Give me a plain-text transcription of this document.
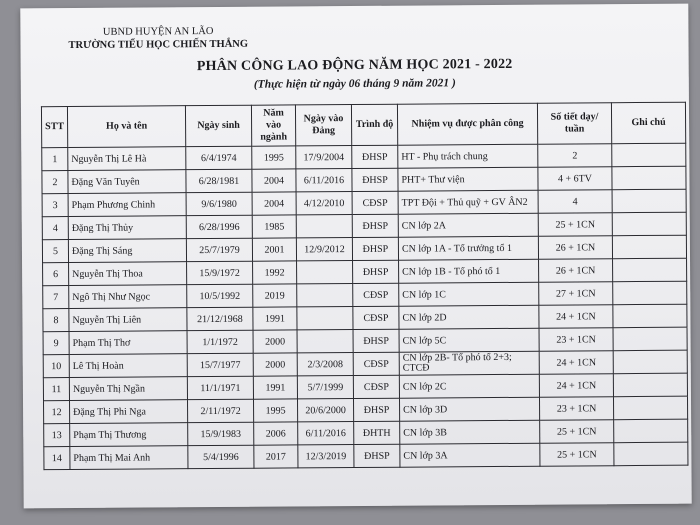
UBND HUYỆN AN LÃO
TRƯỜNG TIỂU HỌC CHIẾN THẮNG
PHÂN CÔNG LAO ĐỘNG NĂM HỌC 2021 - 2022
(Thực hiện từ ngày 06 tháng 9 năm 2021 )
STT	Họ và tên	Ngày sinh	Năm vào ngành	Ngày vào Đảng	Trình độ	Nhiệm vụ được phân công	Số tiết dạy/ tuần	Ghi chú
1	Nguyễn Thị Lê Hà	6/4/1974	1995	17/9/2004	ĐHSP	HT - Phụ trách chung	2	
2	Đặng Văn Tuyên	6/28/1981	2004	6/11/2016	ĐHSP	PHT+ Thư viện	4 + 6TV	
3	Phạm Phương Chinh	9/6/1980	2004	4/12/2010	CĐSP	TPT Đội + Thủ quỹ + GV ÂN2	4	
4	Đặng Thị Thủy	6/28/1996	1985		ĐHSP	CN lớp 2A	25 + 1CN	
5	Đặng Thị Sáng	25/7/1979	2001	12/9/2012	ĐHSP	CN lớp 1A - Tổ trưởng tổ 1	26 + 1CN	
6	Nguyễn Thị Thoa	15/9/1972	1992		ĐHSP	CN lớp 1B - Tổ phó tổ 1	26 + 1CN	
7	Ngô Thị Như Ngọc	10/5/1992	2019		CĐSP	CN lớp 1C	27 + 1CN	
8	Nguyễn Thị Liên	21/12/1968	1991		CĐSP	CN lớp 2D	24 + 1CN	
9	Phạm Thị Thơ	1/1/1972	2000		ĐHSP	CN lớp 5C	23 + 1CN	
10	Lê Thị Hoàn	15/7/1977	2000	2/3/2008	CĐSP	CN lớp 2B- Tổ phó tổ 2+3; CTCĐ	24 + 1CN	
11	Nguyễn Thị Ngần	11/1/1971	1991	5/7/1999	CĐSP	CN lớp 2C	24 + 1CN	
12	Đặng Thị Phi Nga	2/11/1972	1995	20/6/2000	ĐHSP	CN lớp 3D	23 + 1CN	
13	Phạm Thị Thương	15/9/1983	2006	6/11/2016	ĐHTH	CN lớp 3B	25 + 1CN	
14	Phạm Thị Mai Anh	5/4/1996	2017	12/3/2019	ĐHSP	CN lớp 3A	25 + 1CN	
